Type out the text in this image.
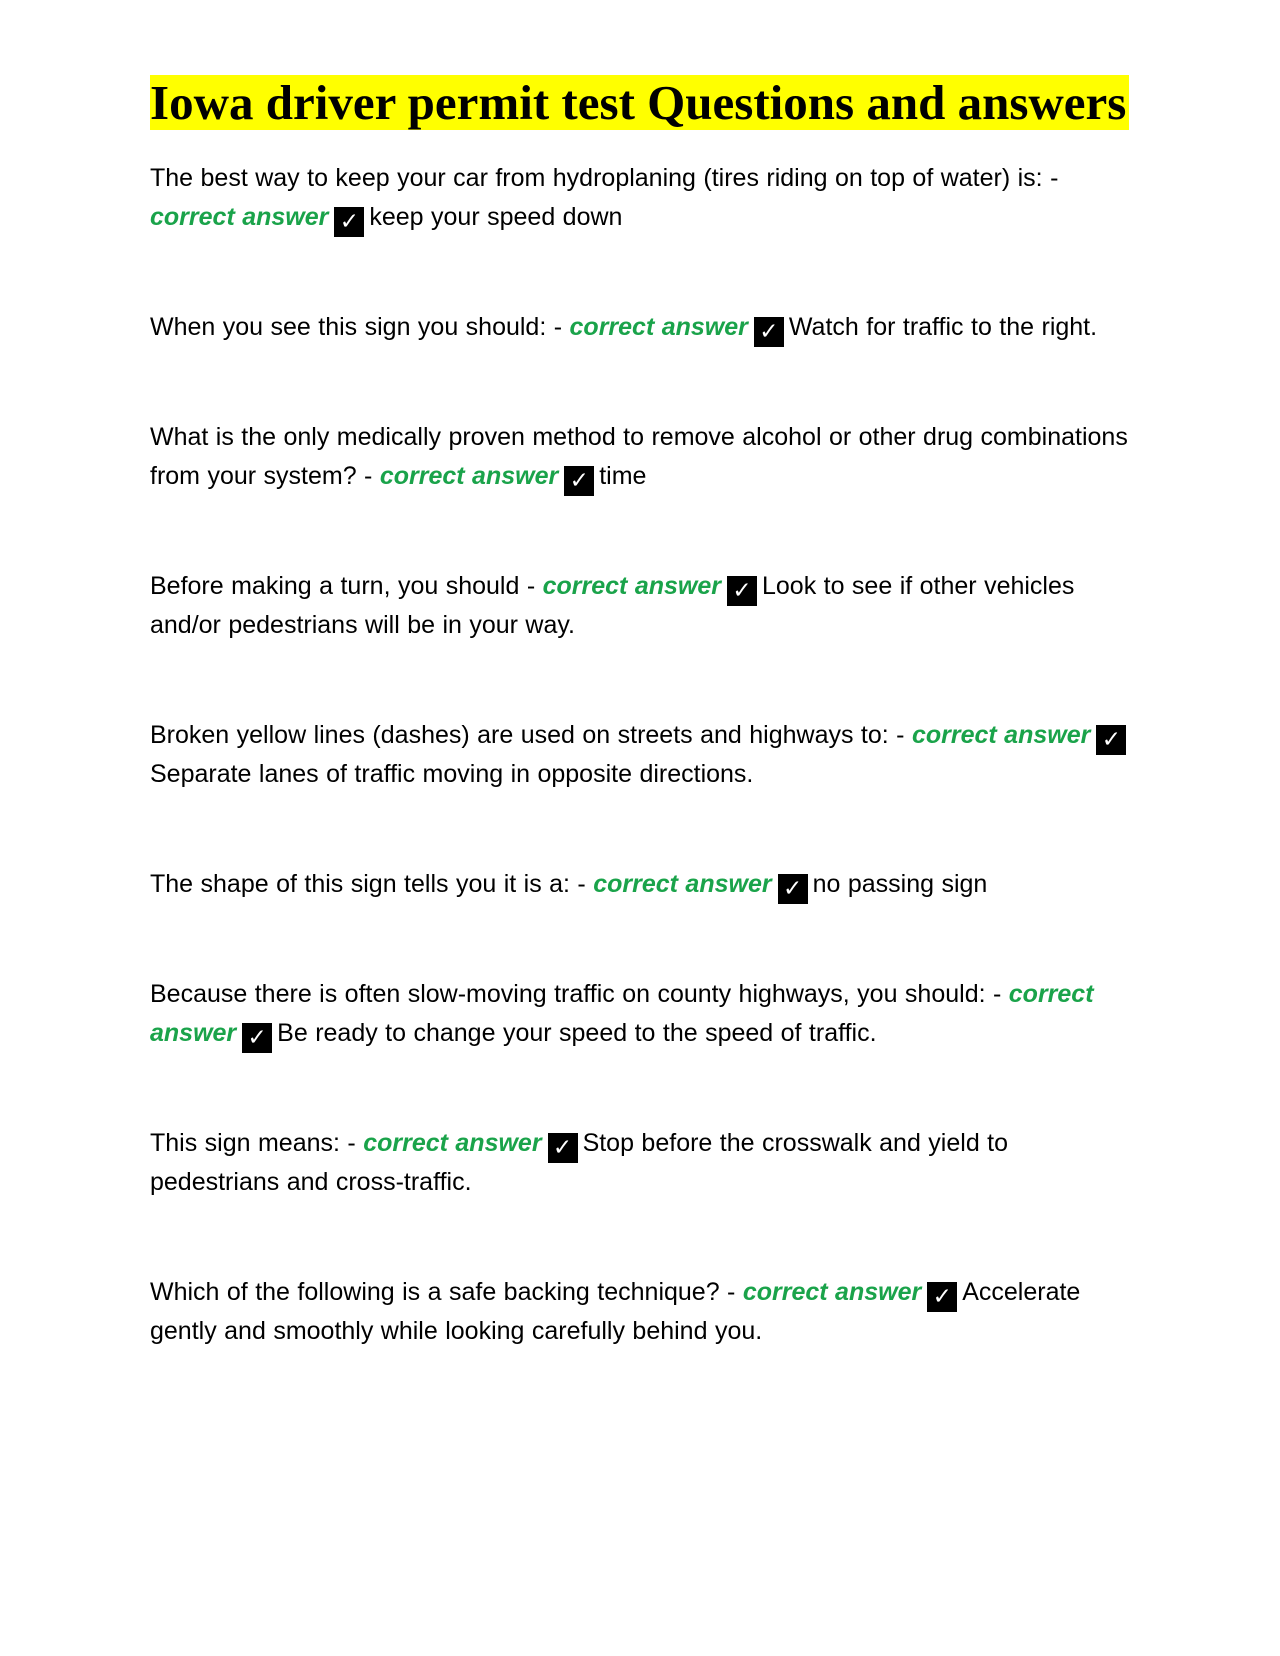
Iowa driver permit test Questions and answers

The best way to keep your car from hydroplaning (tires riding on top of water) is: - correct answer ✓ keep your speed down

When you see this sign you should: - correct answer ✓ Watch for traffic to the right.

What is the only medically proven method to remove alcohol or other drug combinations from your system? - correct answer ✓ time

Before making a turn, you should - correct answer ✓ Look to see if other vehicles and/or pedestrians will be in your way.

Broken yellow lines (dashes) are used on streets and highways to: - correct answer ✓Separate lanes of traffic moving in opposite directions.

The shape of this sign tells you it is a: - correct answer ✓ no passing sign

Because there is often slow-moving traffic on county highways, you should: - correct answer ✓ Be ready to change your speed to the speed of traffic.

This sign means: - correct answer ✓ Stop before the crosswalk and yield to pedestrians and cross-traffic.

Which of the following is a safe backing technique? - correct answer ✓ Accelerate gently and smoothly while looking carefully behind you.
